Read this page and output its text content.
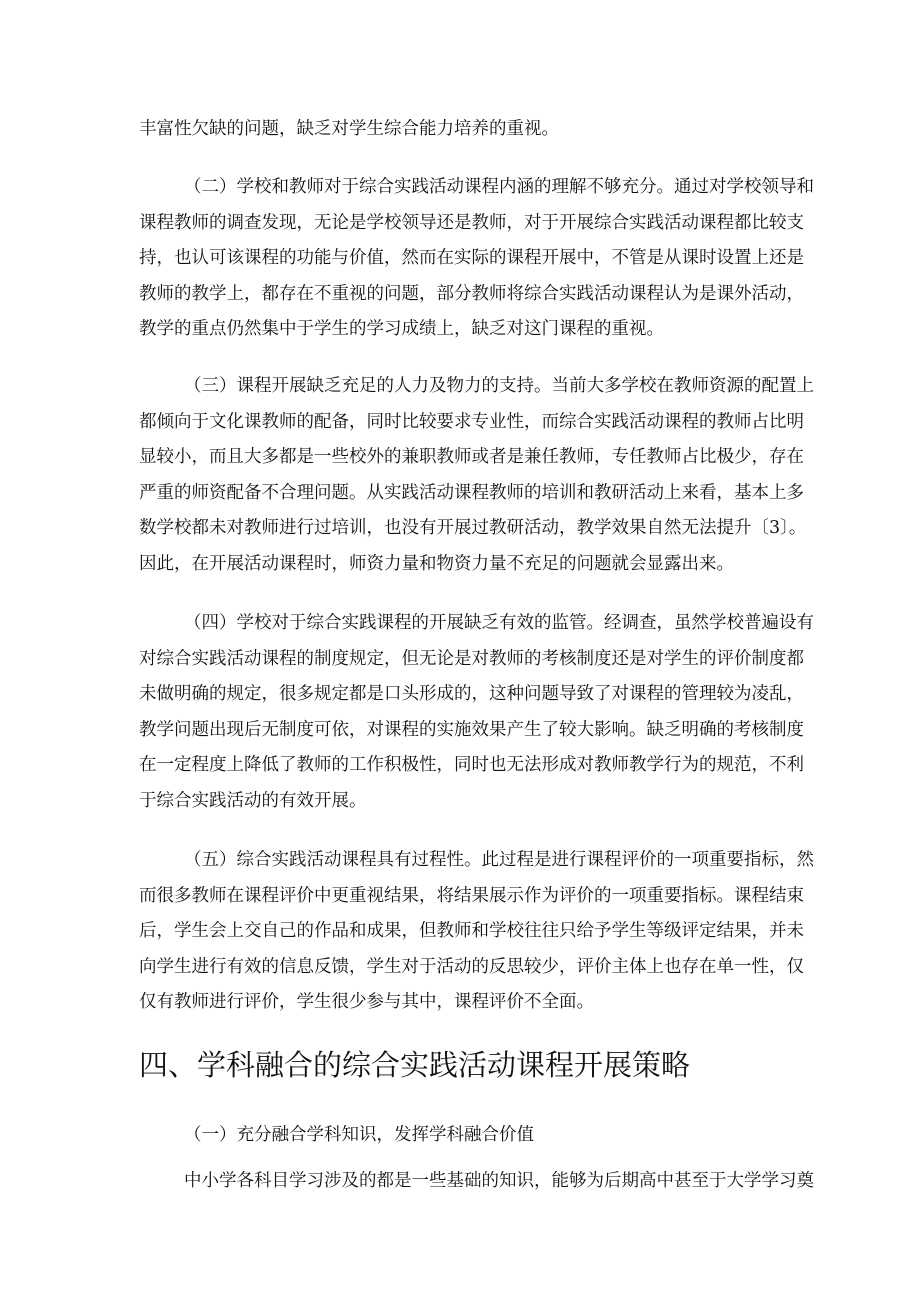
丰富性欠缺的问题，缺乏对学生综合能力培养的重视。
（二）学校和教师对于综合实践活动课程内涵的理解不够充分。通过对学校领导和
课程教师的调查发现，无论是学校领导还是教师，对于开展综合实践活动课程都比较支
持，也认可该课程的功能与价值，然而在实际的课程开展中，不管是从课时设置上还是
教师的教学上，都存在不重视的问题，部分教师将综合实践活动课程认为是课外活动，
教学的重点仍然集中于学生的学习成绩上，缺乏对这门课程的重视。
（三）课程开展缺乏充足的人力及物力的支持。当前大多学校在教师资源的配置上
都倾向于文化课教师的配备，同时比较要求专业性，而综合实践活动课程的教师占比明
显较小，而且大多都是一些校外的兼职教师或者是兼任教师，专任教师占比极少，存在
严重的师资配备不合理问题。从实践活动课程教师的培训和教研活动上来看，基本上多
数学校都未对教师进行过培训，也没有开展过教研活动，教学效果自然无法提升〔3〕。
因此，在开展活动课程时，师资力量和物资力量不充足的问题就会显露出来。
（四）学校对于综合实践课程的开展缺乏有效的监管。经调查，虽然学校普遍设有
对综合实践活动课程的制度规定，但无论是对教师的考核制度还是对学生的评价制度都
未做明确的规定，很多规定都是口头形成的，这种问题导致了对课程的管理较为凌乱，
教学问题出现后无制度可依，对课程的实施效果产生了较大影响。缺乏明确的考核制度
在一定程度上降低了教师的工作积极性，同时也无法形成对教师教学行为的规范，不利
于综合实践活动的有效开展。
（五）综合实践活动课程具有过程性。此过程是进行课程评价的一项重要指标，然
而很多教师在课程评价中更重视结果，将结果展示作为评价的一项重要指标。课程结束
后，学生会上交自己的作品和成果，但教师和学校往往只给予学生等级评定结果，并未
向学生进行有效的信息反馈，学生对于活动的反思较少，评价主体上也存在单一性，仅
仅有教师进行评价，学生很少参与其中，课程评价不全面。
四、学科融合的综合实践活动课程开展策略
（一）充分融合学科知识，发挥学科融合价值
中小学各科目学习涉及的都是一些基础的知识，能够为后期高中甚至于大学学习奠
